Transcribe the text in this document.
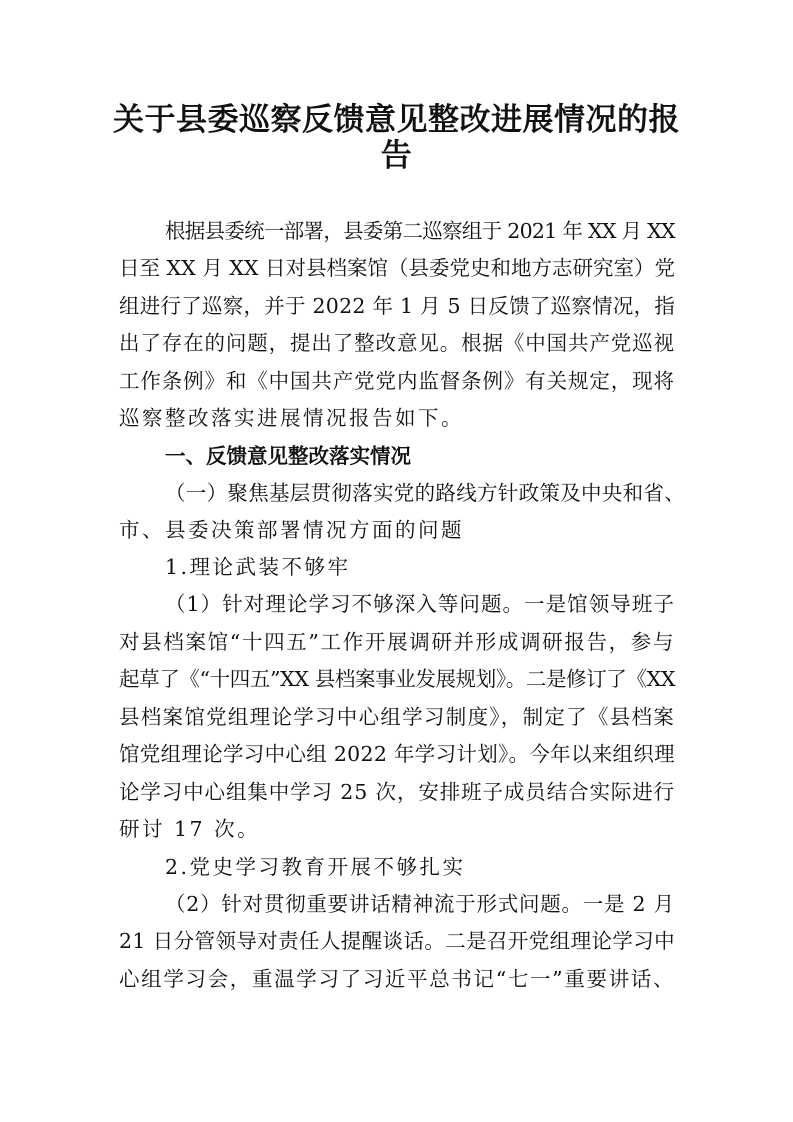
关于县委巡察反馈意见整改进展情况的报
告
根据县委统一部署，县委第二巡察组于 2021 年 XX 月 XX
日至 XX 月 XX 日对县档案馆（县委党史和地方志研究室）党
组进行了巡察，并于 2022 年 1 月 5 日反馈了巡察情况，指
出了存在的问题，提出了整改意见。根据《中国共产党巡视
工作条例》和《中国共产党党内监督条例》有关规定，现将
巡察整改落实进展情况报告如下。
一、反馈意见整改落实情况
（一）聚焦基层贯彻落实党的路线方针政策及中央和省、
市、县委决策部署情况方面的问题
1.理论武装不够牢
（1）针对理论学习不够深入等问题。一是馆领导班子
对县档案馆“十四五”工作开展调研并形成调研报告，参与
起草了《“十四五”XX 县档案事业发展规划》。二是修订了《XX
县档案馆党组理论学习中心组学习制度》，制定了《县档案
馆党组理论学习中心组 2022 年学习计划》。今年以来组织理
论学习中心组集中学习 25 次，安排班子成员结合实际进行
研讨 17 次。
2.党史学习教育开展不够扎实
（2）针对贯彻重要讲话精神流于形式问题。一是 2 月
21 日分管领导对责任人提醒谈话。二是召开党组理论学习中
心组学习会，重温学习了习近平总书记“七一”重要讲话、
